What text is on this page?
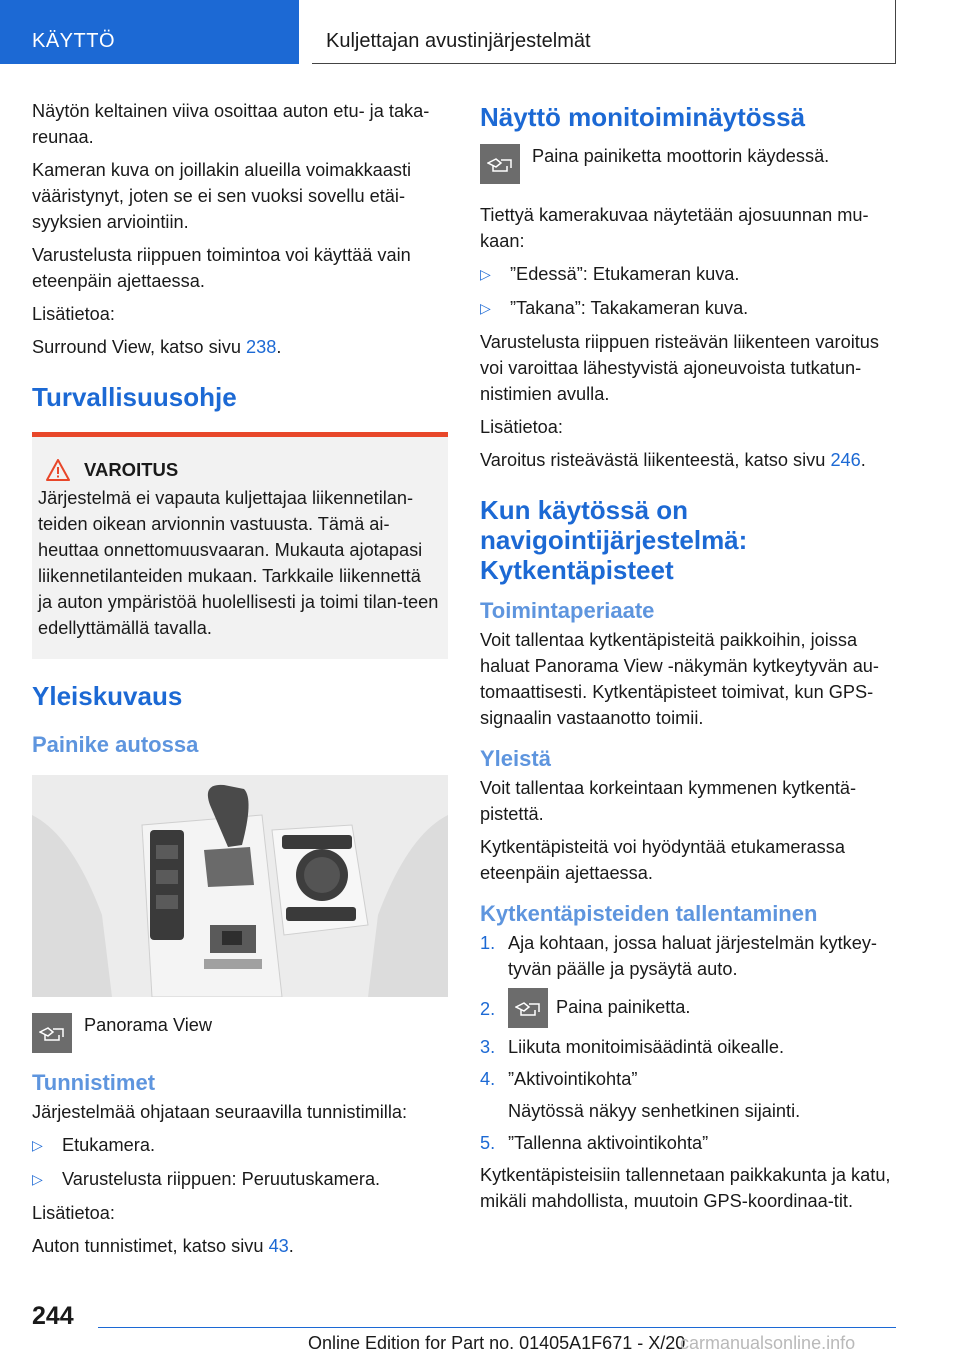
KÄYTTÖ	Kuljettajan avustinjärjestelmät

Näytön keltainen viiva osoittaa auton etu- ja taka-reunaa.

Kameran kuva on joillakin alueilla voimakkaasti vääristynyt, joten se ei sen vuoksi sovellu etäi-syyksien arviointiin.

Varustelusta riippuen toimintoa voi käyttää vain eteenpäin ajettaessa.

Lisätietoa:

Surround View, katso sivu 238.

Turvallisuusohje
VAROITUS

Järjestelmä ei vapauta kuljettajaa liikennetilan-teiden oikean arvionnin vastuusta. Tämä ai-heuttaa onnettomuusvaaran. Mukauta ajotapasi liikennetilanteiden mukaan. Tarkkaile liikennettä ja auton ympäristöä huolellisesti ja toimi tilan-teen edellyttämällä tavalla.

Yleiskuvaus
Painike autossa
Panorama View
Tunnistimet

Järjestelmää ohjataan seuraavilla tunnistimilla:

▷ Etukamera.
▷ Varustelusta riippuen: Peruutuskamera.

Lisätietoa:

Auton tunnistimet, katso sivu 43.

Näyttö monitoiminäytössä
Paina painiketta moottorin käydessä.

Tiettyä kamerakuvaa näytetään ajosuunnan mu-kaan:

▷ ”Edessä”: Etukameran kuva.
▷ ”Takana”: Takakameran kuva.

Varustelusta riippuen risteävän liikenteen varoitus voi varoittaa lähestyvistä ajoneuvoista tutkatun-nistimien avulla.

Lisätietoa:

Varoitus risteävästä liikenteestä, katso sivu 246.

Kun käytössä on navigointijärjestelmä: Kytkentäpisteet
Toimintaperiaate

Voit tallentaa kytkentäpisteitä paikkoihin, joissa haluat Panorama View -näkymän kytkeytyvän au-tomaattisesti. Kytkentäpisteet toimivat, kun GPS-signaalin vastaanotto toimii.

Yleistä

Voit tallentaa korkeintaan kymmenen kytkentä-pistettä.

Kytkentäpisteitä voi hyödyntää etukamerassa eteenpäin ajettaessa.

Kytkentäpisteiden tallentaminen
1. Aja kohtaan, jossa haluat järjestelmän kytkey-tyvän päälle ja pysäytä auto.
2.	Paina painiketta.
3. Liikuta monitoimisäädintä oikealle.
4. ”Aktivointikohta”
Näytössä näkyy senhetkinen sijainti.
5. ”Tallenna aktivointikohta”

Kytkentäpisteisiin tallennetaan paikkakunta ja katu, mikäli mahdollista, muutoin GPS-koordinaa-tit.

244
Online Edition for Part no. 01405A1F671 - X/20
carmanualsonline.info
